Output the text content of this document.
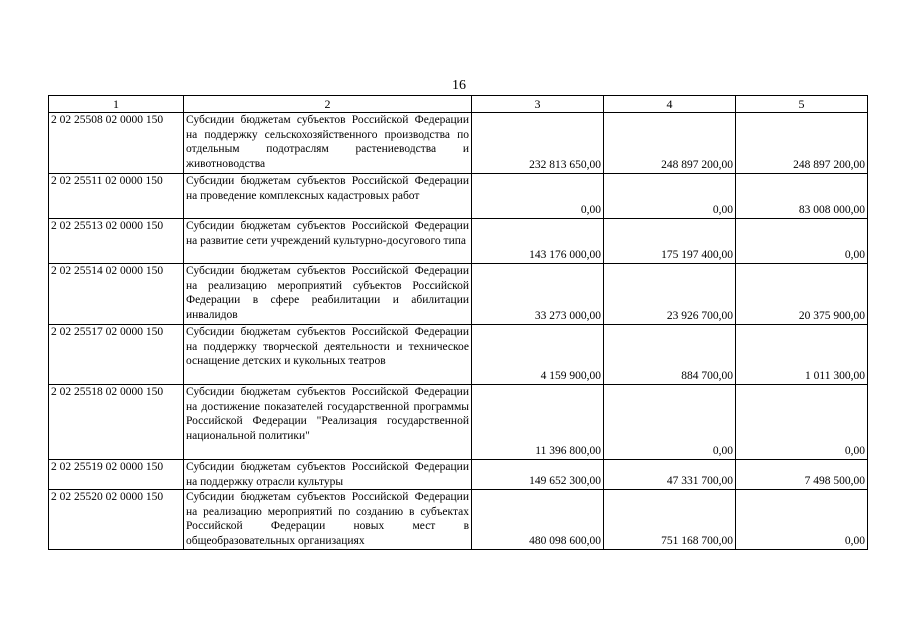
16
1	2	3	4	5
2 02 25508 02 0000 150	Субсидии бюджетам субъектов Российской Федерации на поддержку сельскохозяйственного производства по отдельным подотраслям растениеводства и животноводства	232 813 650,00	248 897 200,00	248 897 200,00
2 02 25511 02 0000 150	Субсидии бюджетам субъектов Российской Федерации на проведение комплексных кадастровых работ	0,00	0,00	83 008 000,00
2 02 25513 02 0000 150	Субсидии бюджетам субъектов Российской Федерации на развитие сети учреждений культурно-досугового типа	143 176 000,00	175 197 400,00	0,00
2 02 25514 02 0000 150	Субсидии бюджетам субъектов Российской Федерации на реализацию мероприятий субъектов Российской Федерации в сфере реабилитации и абилитации инвалидов	33 273 000,00	23 926 700,00	20 375 900,00
2 02 25517 02 0000 150	Субсидии бюджетам субъектов Российской Федерации на поддержку творческой деятельности и техническое оснащение детских и кукольных театров	4 159 900,00	884 700,00	1 011 300,00
2 02 25518 02 0000 150	Субсидии бюджетам субъектов Российской Федерации на достижение показателей государственной программы Российской Федерации "Реализация государственной национальной политики"	11 396 800,00	0,00	0,00
2 02 25519 02 0000 150	Субсидии бюджетам субъектов Российской Федерации на поддержку отрасли культуры	149 652 300,00	47 331 700,00	7 498 500,00
2 02 25520 02 0000 150	Субсидии бюджетам субъектов Российской Федерации на реализацию мероприятий по созданию в субъектах Российской Федерации новых мест в общеобразовательных организациях	480 098 600,00	751 168 700,00	0,00
